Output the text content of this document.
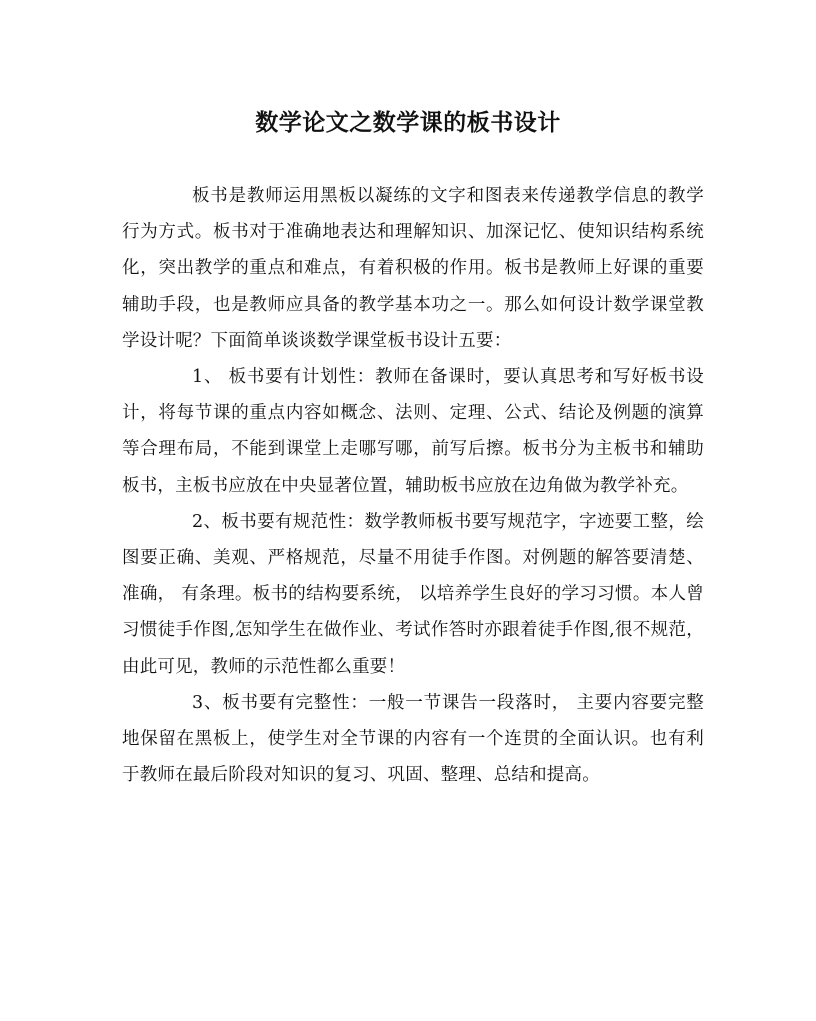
数学论文之数学课的板书设计

板书是教师运用黑板以凝练的文字和图表来传递教学信息的教学行为方式。板书对于准确地表达和理解知识、加深记忆、使知识结构系统化，突出教学的重点和难点，有着积极的作用。板书是教师上好课的重要辅助手段，也是教师应具备的教学基本功之一。那么如何设计数学课堂教学设计呢？下面简单谈谈数学课堂板书设计五要：

1、 板书要有计划性：教师在备课时，要认真思考和写好板书设计，将每节课的重点内容如概念、法则、定理、公式、结论及例题的演算等合理布局，不能到课堂上走哪写哪，前写后擦。板书分为主板书和辅助板书，主板书应放在中央显著位置，辅助板书应放在边角做为教学补充。

2、板书要有规范性：数学教师板书要写规范字，字迹要工整，绘图要正确、美观、严格规范，尽量不用徒手作图。对例题的解答要清楚、准确， 有条理。板书的结构要系统， 以培养学生良好的学习习惯。本人曾习惯徒手作图,怎知学生在做作业、考试作答时亦跟着徒手作图,很不规范，由此可见，教师的示范性都么重要！

3、板书要有完整性：一般一节课告一段落时， 主要内容要完整地保留在黑板上，使学生对全节课的内容有一个连贯的全面认识。也有利于教师在最后阶段对知识的复习、巩固、整理、总结和提高。
